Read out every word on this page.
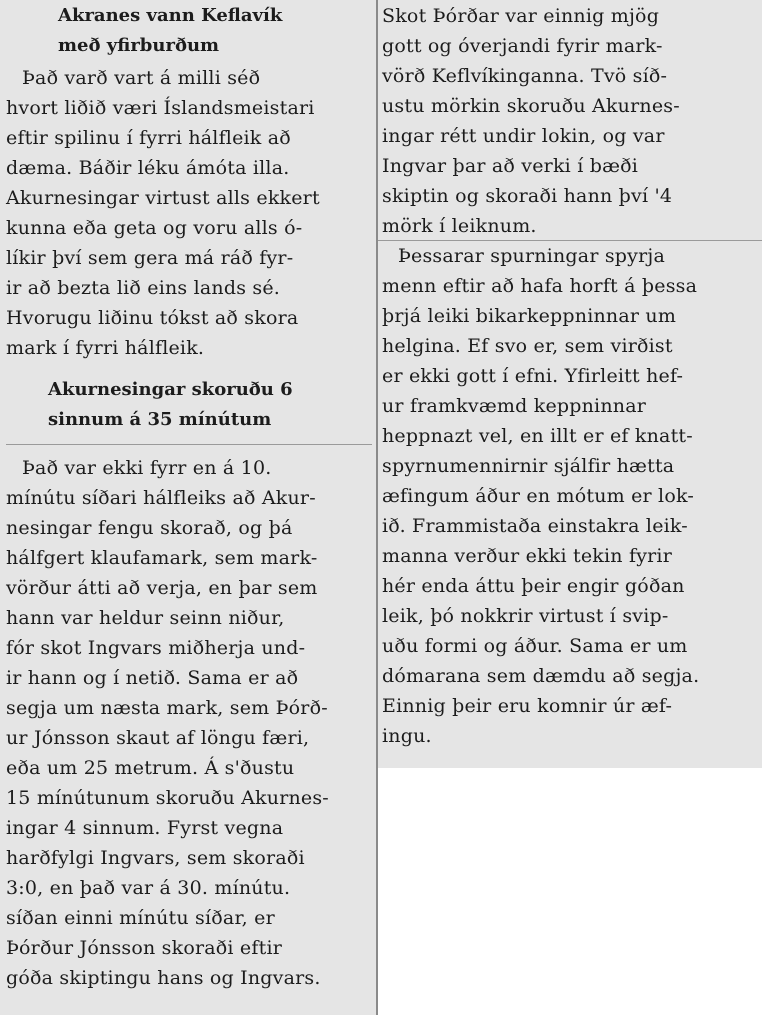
Akranes vann Keflavík
með yfirburðum
Það varð vart á milli séð
hvort liðið væri Íslandsmeistari
eftir spilinu í fyrri hálfleik að
dæma. Báðir léku ámóta illa.
Akurnesingar virtust alls ekkert
kunna eða geta og voru alls ó-
líkir því sem gera má ráð fyr-
ir að bezta lið eins lands sé.
Hvorugu liðinu tókst að skora
mark í fyrri hálfleik.
Akurnesingar skoruðu 6
sinnum á 35 mínútum
Það var ekki fyrr en á 10.
mínútu síðari hálfleiks að Akur-
nesingar fengu skorað, og þá
hálfgert klaufamark, sem mark-
vörður átti að verja, en þar sem
hann var heldur seinn niður,
fór skot Ingvars miðherja und-
ir hann og í netið. Sama er að
segja um næsta mark, sem Þórð-
ur Jónsson skaut af löngu færi,
eða um 25 metrum. Á s'ðustu
15 mínútunum skoruðu Akurnes-
ingar 4 sinnum. Fyrst vegna
harðfylgi Ingvars, sem skoraði
3:0, en það var á 30. mínútu.
síðan einni mínútu síðar, er
Þórður Jónsson skoraði eftir
góða skiptingu hans og Ingvars.
Skot Þórðar var einnig mjög
gott og óverjandi fyrir mark-
vörð Keflvíkinganna. Tvö síð-
ustu mörkin skoruðu Akurnes-
ingar rétt undir lokin, og var
Ingvar þar að verki í bæði
skiptin og skoraði hann því '4
mörk í leiknum.
Þessarar spurningar spyrja
menn eftir að hafa horft á þessa
þrjá leiki bikarkeppninnar um
helgina. Ef svo er, sem virðist
er ekki gott í efni. Yfirleitt hef-
ur framkvæmd keppninnar
heppnazt vel, en illt er ef knatt-
spyrnumennirnir sjálfir hætta
æfingum áður en mótum er lok-
ið. Frammistaða einstakra leik-
manna verður ekki tekin fyrir
hér enda áttu þeir engir góðan
leik, þó nokkrir virtust í svip-
uðu formi og áður. Sama er um
dómarana sem dæmdu að segja.
Einnig þeir eru komnir úr æf-
ingu.
